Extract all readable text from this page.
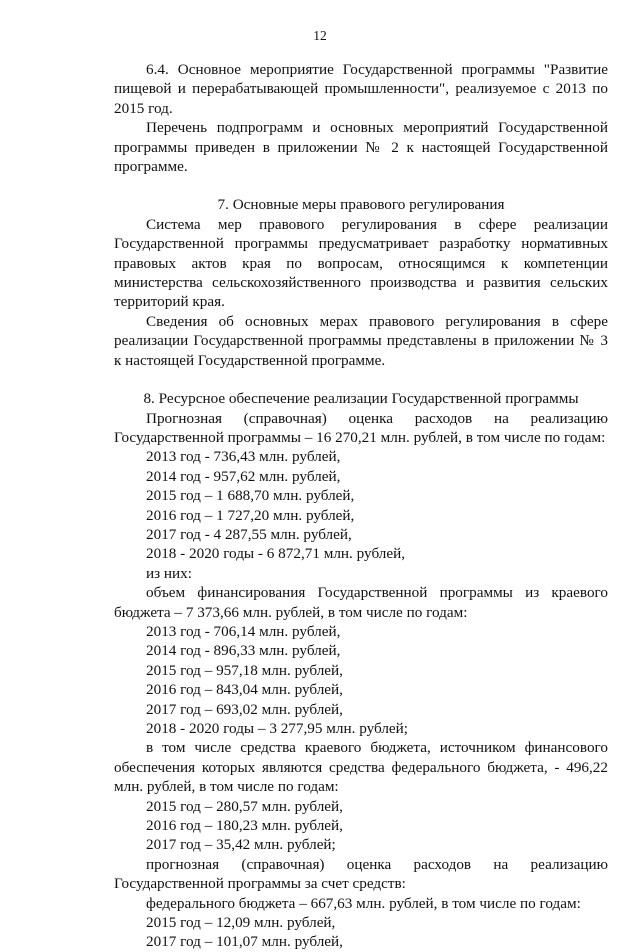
12

6.4. Основное мероприятие Государственной программы "Развитие пищевой и перерабатывающей промышленности", реализуемое с 2013 по 2015 год.

Перечень подпрограмм и основных мероприятий Государственной программы приведен в приложении № 2 к настоящей Государственной программе.

7. Основные меры правового регулирования

Система мер правового регулирования в сфере реализации Государственной программы предусматривает разработку нормативных правовых актов края по вопросам, относящимся к компетенции министерства сельскохозяйственного производства и развития сельских территорий края.

Сведения об основных мерах правового регулирования в сфере реализации Государственной программы представлены в приложении № 3 к настоящей Государственной программе.

8. Ресурсное обеспечение реализации Государственной программы

Прогнозная (справочная) оценка расходов на реализацию Государственной программы – 16 270,21 млн. рублей, в том числе по годам:

2013 год - 736,43 млн. рублей,

2014 год - 957,62 млн. рублей,

2015 год – 1 688,70 млн. рублей,

2016 год – 1 727,20 млн. рублей,

2017 год - 4 287,55 млн. рублей,

2018 - 2020 годы - 6 872,71 млн. рублей,

из них:

объем финансирования Государственной программы из краевого бюджета – 7 373,66 млн. рублей, в том числе по годам:

2013 год - 706,14 млн. рублей,

2014 год - 896,33 млн. рублей,

2015 год – 957,18 млн. рублей,

2016 год – 843,04 млн. рублей,

2017 год – 693,02 млн. рублей,

2018 - 2020 годы – 3 277,95 млн. рублей;

в том числе средства краевого бюджета, источником финансового обеспечения которых являются средства федерального бюджета, - 496,22 млн. рублей, в том числе по годам:

2015 год – 280,57 млн. рублей,

2016 год – 180,23 млн. рублей,

2017 год – 35,42 млн. рублей;

прогнозная (справочная) оценка расходов на реализацию Государственной программы за счет средств:

федерального бюджета – 667,63 млн. рублей, в том числе по годам:

2015 год – 12,09 млн. рублей,

2017 год – 101,07 млн. рублей,
